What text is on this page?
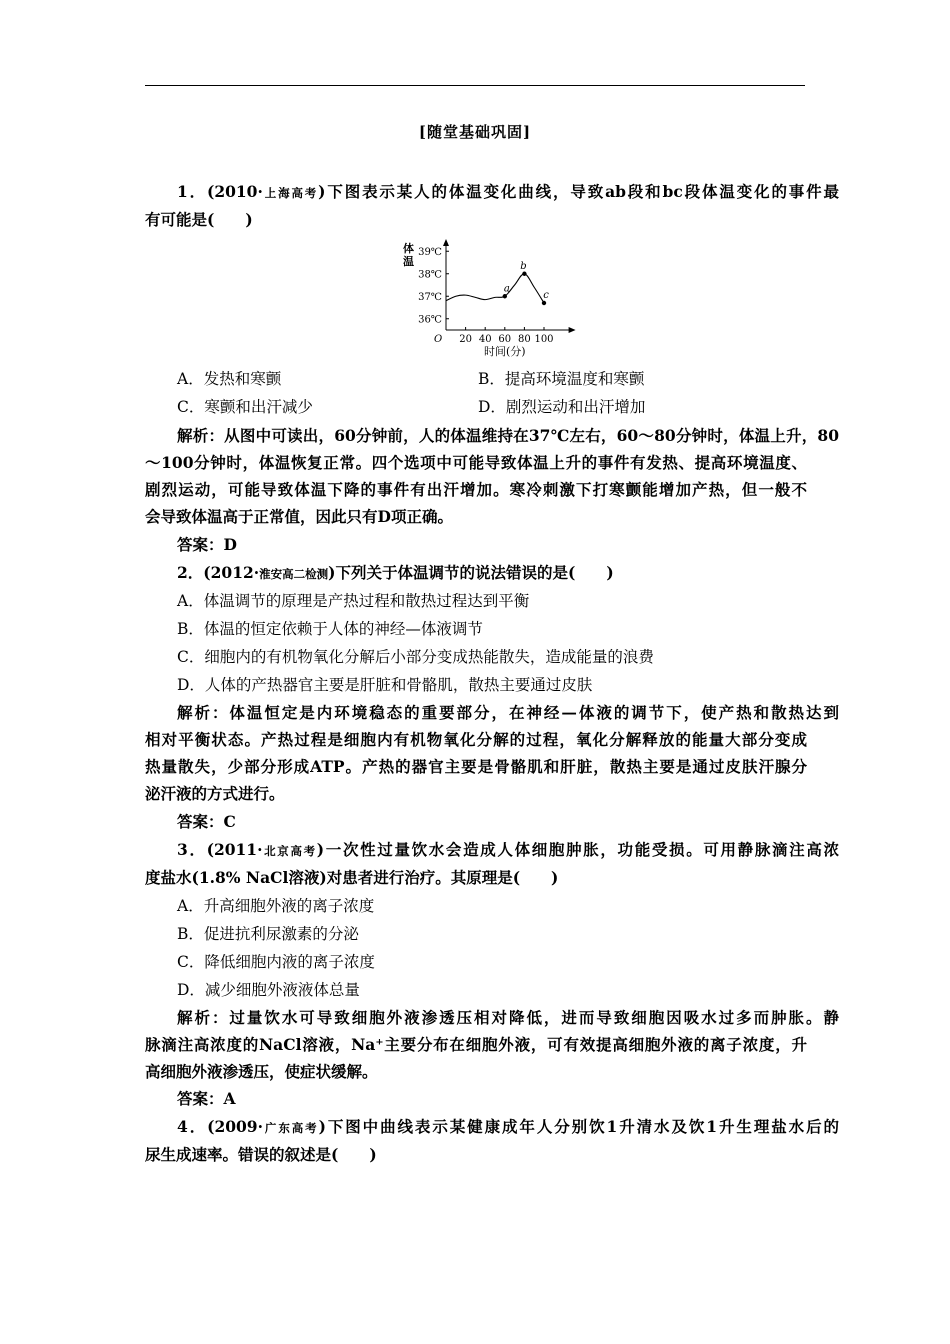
[随堂基础巩固]
1．(2010·上海高考)下图表示某人的体温变化曲线，导致ab段和bc段体温变化的事件最
有可能是(　　)
A．发热和寒颤	B．提高环境温度和寒颤
C．寒颤和出汗减少	D．剧烈运动和出汗增加
解析：从图中可读出，60分钟前，人的体温维持在37℃左右，60～80分钟时，体温上升，80
～100分钟时，体温恢复正常。四个选项中可能导致体温上升的事件有发热、提高环境温度、
剧烈运动，可能导致体温下降的事件有出汗增加。寒冷刺激下打寒颤能增加产热，但一般不
会导致体温高于正常值，因此只有D项正确。
答案：D
2．(2012·淮安高二检测)下列关于体温调节的说法错误的是(　　)
A．体温调节的原理是产热过程和散热过程达到平衡
B．体温的恒定依赖于人体的神经—体液调节
C．细胞内的有机物氧化分解后小部分变成热能散失，造成能量的浪费
D．人体的产热器官主要是肝脏和骨骼肌，散热主要通过皮肤
解析：体温恒定是内环境稳态的重要部分，在神经—体液的调节下，使产热和散热达到
相对平衡状态。产热过程是细胞内有机物氧化分解的过程，氧化分解释放的能量大部分变成
热量散失，少部分形成ATP。产热的器官主要是骨骼肌和肝脏，散热主要是通过皮肤汗腺分
泌汗液的方式进行。
答案：C
3．(2011·北京高考)一次性过量饮水会造成人体细胞肿胀，功能受损。可用静脉滴注高浓
度盐水(1.8% NaCl溶液)对患者进行治疗。其原理是(　　)
A．升高细胞外液的离子浓度
B．促进抗利尿激素的分泌
C．降低细胞内液的离子浓度
D．减少细胞外液液体总量
解析：过量饮水可导致细胞外液渗透压相对降低，进而导致细胞因吸水过多而肿胀。静
脉滴注高浓度的NaCl溶液，Na⁺主要分布在细胞外液，可有效提高细胞外液的离子浓度，升
高细胞外液渗透压，使症状缓解。
答案：A
4．(2009·广东高考)下图中曲线表示某健康成年人分别饮1升清水及饮1升生理盐水后的
尿生成速率。错误的叙述是(　　)
体
温
O 20 40 60 80 100
时间(分)
36℃
37℃
38℃
39℃
a
b
c
